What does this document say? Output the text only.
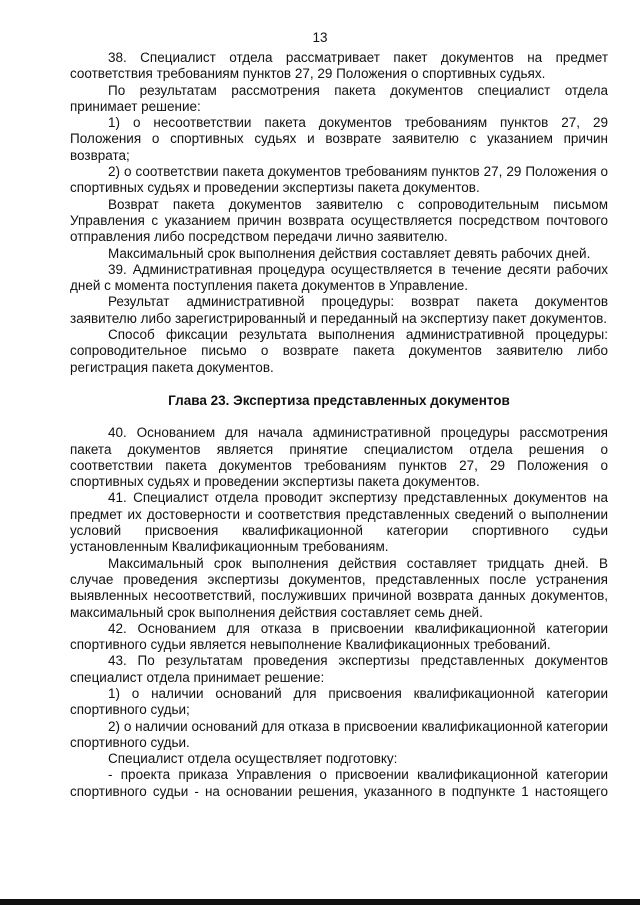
13

38. Специалист отдела рассматривает пакет документов на предмет соответствия требованиям пунктов 27, 29 Положения о спортивных судьях.

По результатам рассмотрения пакета документов специалист отдела принимает решение:

1) о несоответствии пакета документов требованиям пунктов 27, 29 Положения о спортивных судьях и возврате заявителю с указанием причин возврата;

2) о соответствии пакета документов требованиям пунктов 27, 29 Положения о спортивных судьях и проведении экспертизы пакета документов.

Возврат пакета документов заявителю с сопроводительным письмом Управления с указанием причин возврата осуществляется посредством почтового отправления либо посредством передачи лично заявителю.

Максимальный срок выполнения действия составляет девять рабочих дней.

39. Административная процедура осуществляется в течение десяти рабочих дней с момента поступления пакета документов в Управление.

Результат административной процедуры: возврат пакета документов заявителю либо зарегистрированный и переданный на экспертизу пакет документов.

Способ фиксации результата выполнения административной процедуры: сопроводительное письмо о возврате пакета документов заявителю либо регистрация пакета документов.

Глава 23. Экспертиза представленных документов

40. Основанием для начала административной процедуры рассмотрения пакета документов является принятие специалистом отдела решения о соответствии пакета документов требованиям пунктов 27, 29 Положения о спортивных судьях и проведении экспертизы пакета документов.

41. Специалист отдела проводит экспертизу представленных документов на предмет их достоверности и соответствия представленных сведений о выполнении условий присвоения квалификационной категории спортивного судьи установленным Квалификационным требованиям.

Максимальный срок выполнения действия составляет тридцать дней. В случае проведения экспертизы документов, представленных после устранения выявленных несоответствий, послуживших причиной возврата данных документов, максимальный срок выполнения действия составляет семь дней.

42. Основанием для отказа в присвоении квалификационной категории спортивного судьи является невыполнение Квалификационных требований.

43. По результатам проведения экспертизы представленных документов специалист отдела принимает решение:

1) о наличии оснований для присвоения квалификационной категории спортивного судьи;

2) о наличии оснований для отказа в присвоении квалификационной категории спортивного судьи.

Специалист отдела осуществляет подготовку:

- проекта приказа Управления о присвоении квалификационной категории спортивного судьи - на основании решения, указанного в подпункте 1 настоящего
